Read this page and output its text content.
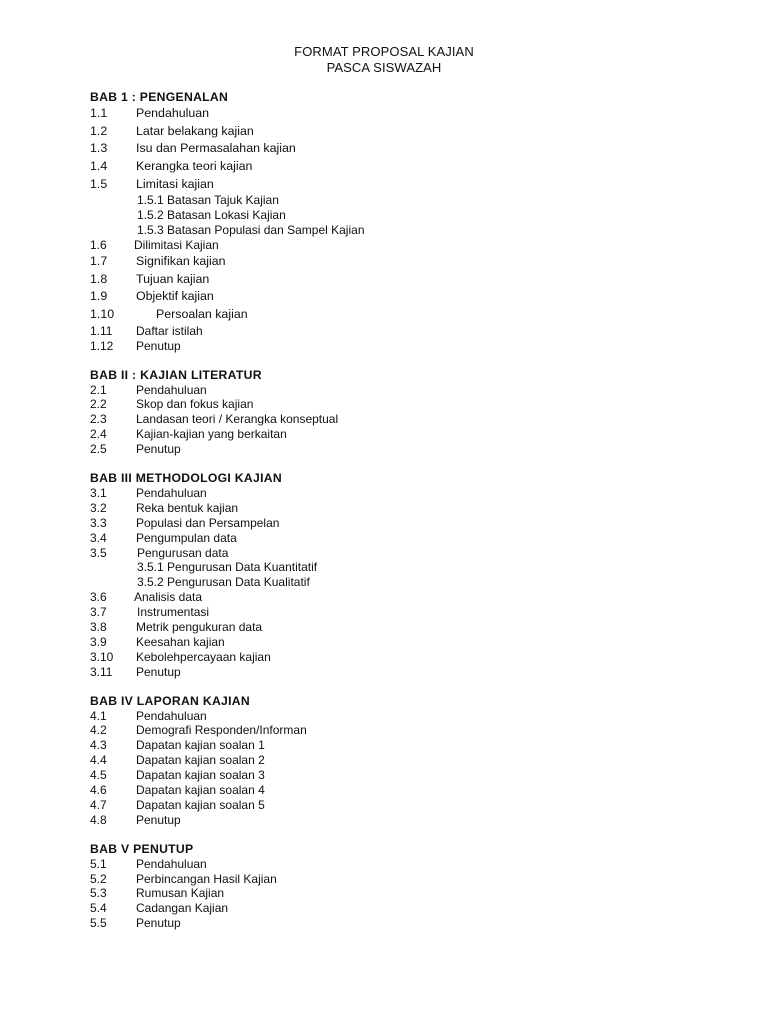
FORMAT PROPOSAL KAJIAN
PASCA SISWAZAH
BAB 1 : PENGENALAN
1.1 Pendahuluan
1.2 Latar belakang kajian
1.3 Isu dan Permasalahan kajian
1.4 Kerangka teori kajian
1.5 Limitasi kajian
1.5.1 Batasan Tajuk Kajian
1.5.2 Batasan Lokasi Kajian
1.5.3 Batasan Populasi dan Sampel Kajian
1.6 Dilimitasi Kajian
1.7 Signifikan kajian
1.8 Tujuan kajian
1.9 Objektif kajian
1.10	Persoalan kajian
1.11 Daftar istilah
1.12 Penutup
BAB II : KAJIAN LITERATUR
2.1 Pendahuluan
2.2 Skop dan fokus kajian
2.3 Landasan teori / Kerangka konseptual
2.4 Kajian-kajian yang berkaitan
2.5 Penutup
BAB III METHODOLOGI KAJIAN
3.1 Pendahuluan
3.2 Reka bentuk kajian
3.3 Populasi dan Persampelan
3.4 Pengumpulan data
3.5	Pengurusan data
3.5.1 Pengurusan Data Kuantitatif
3.5.2 Pengurusan Data Kualitatif
3.6 Analisis data
3.7	Instrumentasi
3.8 Metrik pengukuran data
3.9 Keesahan kajian
3.10 Kebolehpercayaan kajian
3.11 Penutup
BAB IV LAPORAN KAJIAN
4.1 Pendahuluan
4.2 Demografi Responden/Informan
4.3 Dapatan kajian soalan 1
4.4 Dapatan kajian soalan 2
4.5 Dapatan kajian soalan 3
4.6 Dapatan kajian soalan 4
4.7 Dapatan kajian soalan 5
4.8 Penutup
BAB V PENUTUP
5.1 Pendahuluan
5.2 Perbincangan Hasil Kajian
5.3 Rumusan Kajian
5.4 Cadangan Kajian
5.5 Penutup
